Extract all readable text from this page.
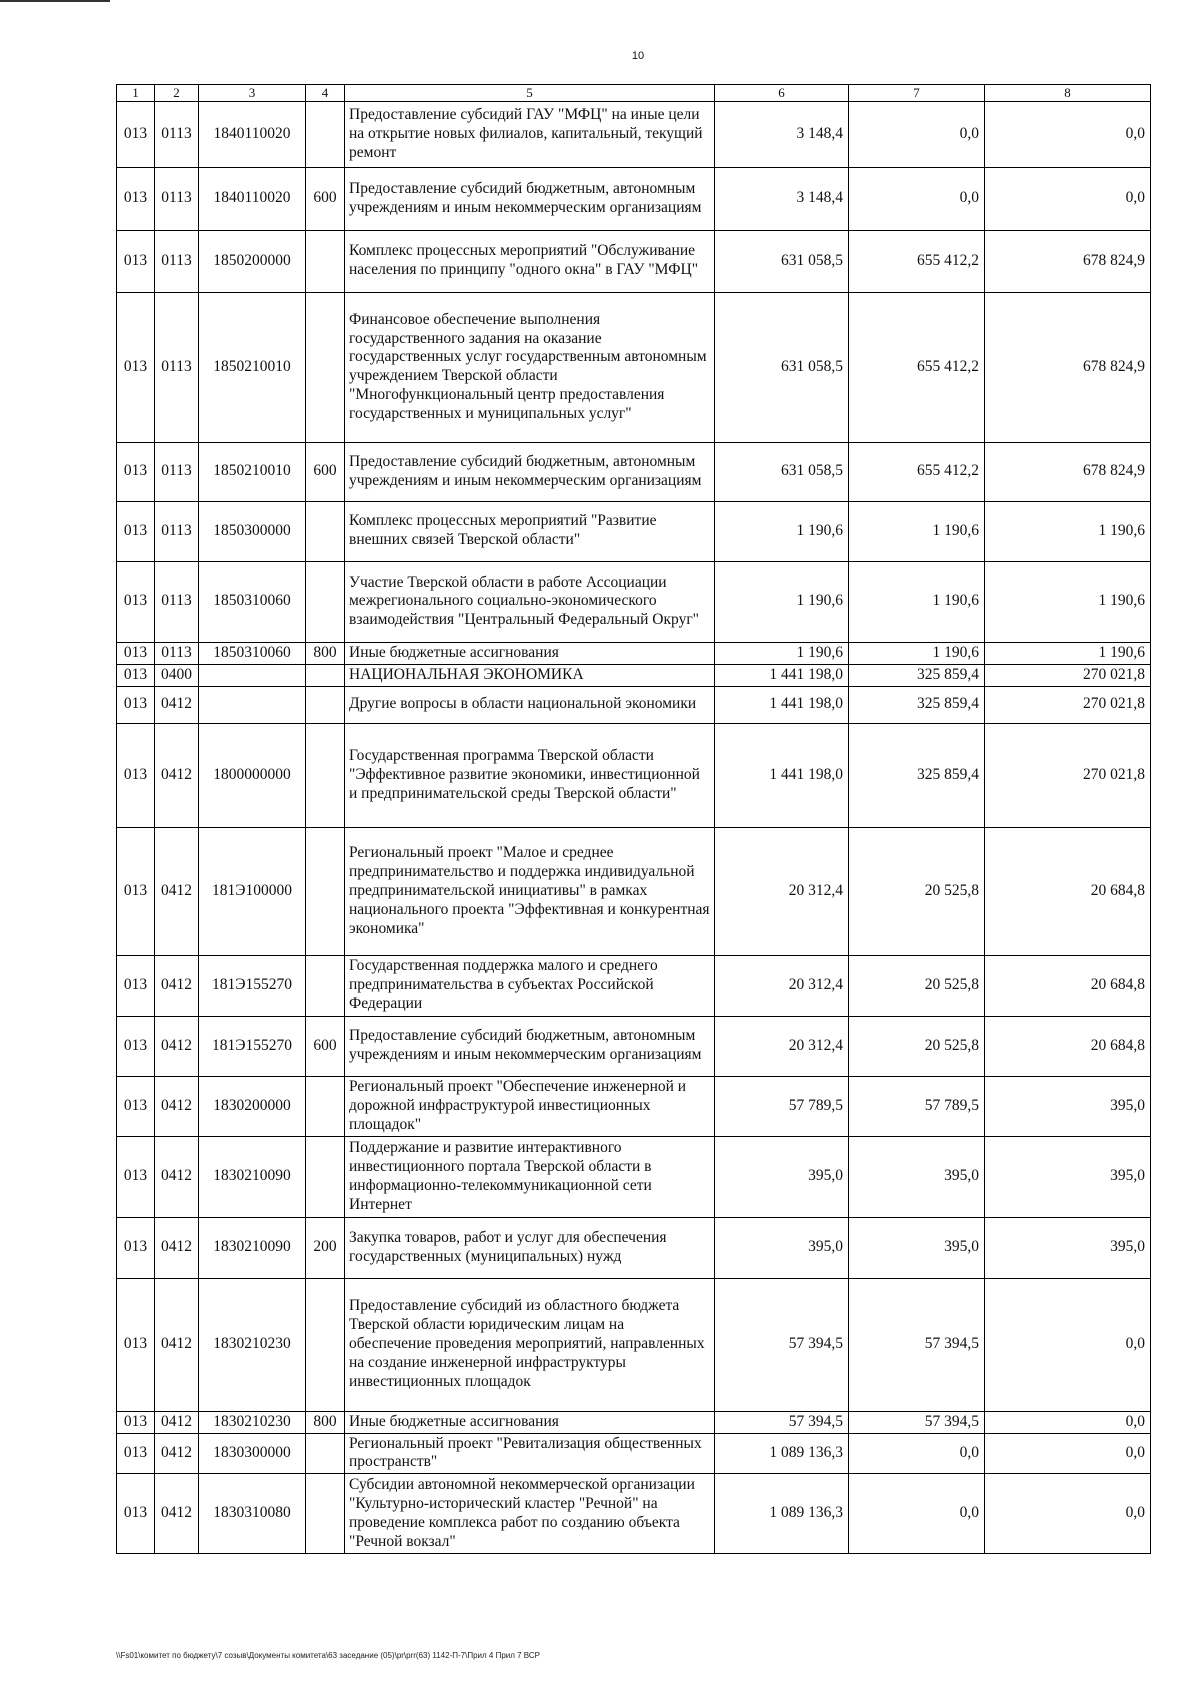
10
1	2	3	4	5	6	7	8
013	0113	1840110020		Предоставление субсидий ГАУ "МФЦ" на иные цели на открытие новых филиалов, капитальный, текущий ремонт	3 148,4	0,0	0,0
013	0113	1840110020	600	Предоставление субсидий бюджетным, автономным учреждениям и иным некоммерческим организациям	3 148,4	0,0	0,0
013	0113	1850200000		Комплекс процессных мероприятий "Обслуживание населения по принципу "одного окна" в ГАУ "МФЦ"	631 058,5	655 412,2	678 824,9
013	0113	1850210010		Финансовое обеспечение выполнения государственного задания на оказание государственных услуг государственным автономным учреждением Тверской области "Многофункциональный центр предоставления государственных и муниципальных услуг"	631 058,5	655 412,2	678 824,9
013	0113	1850210010	600	Предоставление субсидий бюджетным, автономным учреждениям и иным некоммерческим организациям	631 058,5	655 412,2	678 824,9
013	0113	1850300000		Комплекс процессных мероприятий "Развитие внешних связей Тверской области"	1 190,6	1 190,6	1 190,6
013	0113	1850310060		Участие Тверской области в работе Ассоциации межрегионального социально-экономического взаимодействия "Центральный Федеральный Округ"	1 190,6	1 190,6	1 190,6
013	0113	1850310060	800	Иные бюджетные ассигнования	1 190,6	1 190,6	1 190,6
013	0400			НАЦИОНАЛЬНАЯ ЭКОНОМИКА	1 441 198,0	325 859,4	270 021,8
013	0412			Другие вопросы в области национальной экономики	1 441 198,0	325 859,4	270 021,8
013	0412	1800000000		Государственная программа Тверской области "Эффективное развитие экономики, инвестиционной и предпринимательской среды Тверской области"	1 441 198,0	325 859,4	270 021,8
013	0412	181Э100000		Региональный проект "Малое и среднее предпринимательство и поддержка индивидуальной предпринимательской инициативы" в рамках национального проекта "Эффективная и конкурентная экономика"	20 312,4	20 525,8	20 684,8
013	0412	181Э155270		Государственная поддержка малого и среднего предпринимательства в субъектах Российской Федерации	20 312,4	20 525,8	20 684,8
013	0412	181Э155270	600	Предоставление субсидий бюджетным, автономным учреждениям и иным некоммерческим организациям	20 312,4	20 525,8	20 684,8
013	0412	1830200000		Региональный проект "Обеспечение инженерной и дорожной инфраструктурой инвестиционных площадок"	57 789,5	57 789,5	395,0
013	0412	1830210090		Поддержание и развитие интерактивного инвестиционного портала Тверской области в информационно-телекоммуникационной сети Интернет	395,0	395,0	395,0
013	0412	1830210090	200	Закупка товаров, работ и услуг для обеспечения государственных (муниципальных) нужд	395,0	395,0	395,0
013	0412	1830210230		Предоставление субсидий из областного бюджета Тверской области юридическим лицам на обеспечение проведения мероприятий, направленных на создание инженерной инфраструктуры инвестиционных площадок	57 394,5	57 394,5	0,0
013	0412	1830210230	800	Иные бюджетные ассигнования	57 394,5	57 394,5	0,0
013	0412	1830300000		Региональный проект "Ревитализация общественных пространств"	1 089 136,3	0,0	0,0
013	0412	1830310080		Субсидии автономной некоммерческой организации "Культурно-исторический кластер "Речной" на проведение комплекса работ по созданию объекта "Речной вокзал"	1 089 136,3	0,0	0,0
\\Fs01\комитет по бюджету\7 созыв\Документы комитета\63 заседание (05)\pr\prr(63) 1142-П-7\Прил 4 Прил 7 ВСР
